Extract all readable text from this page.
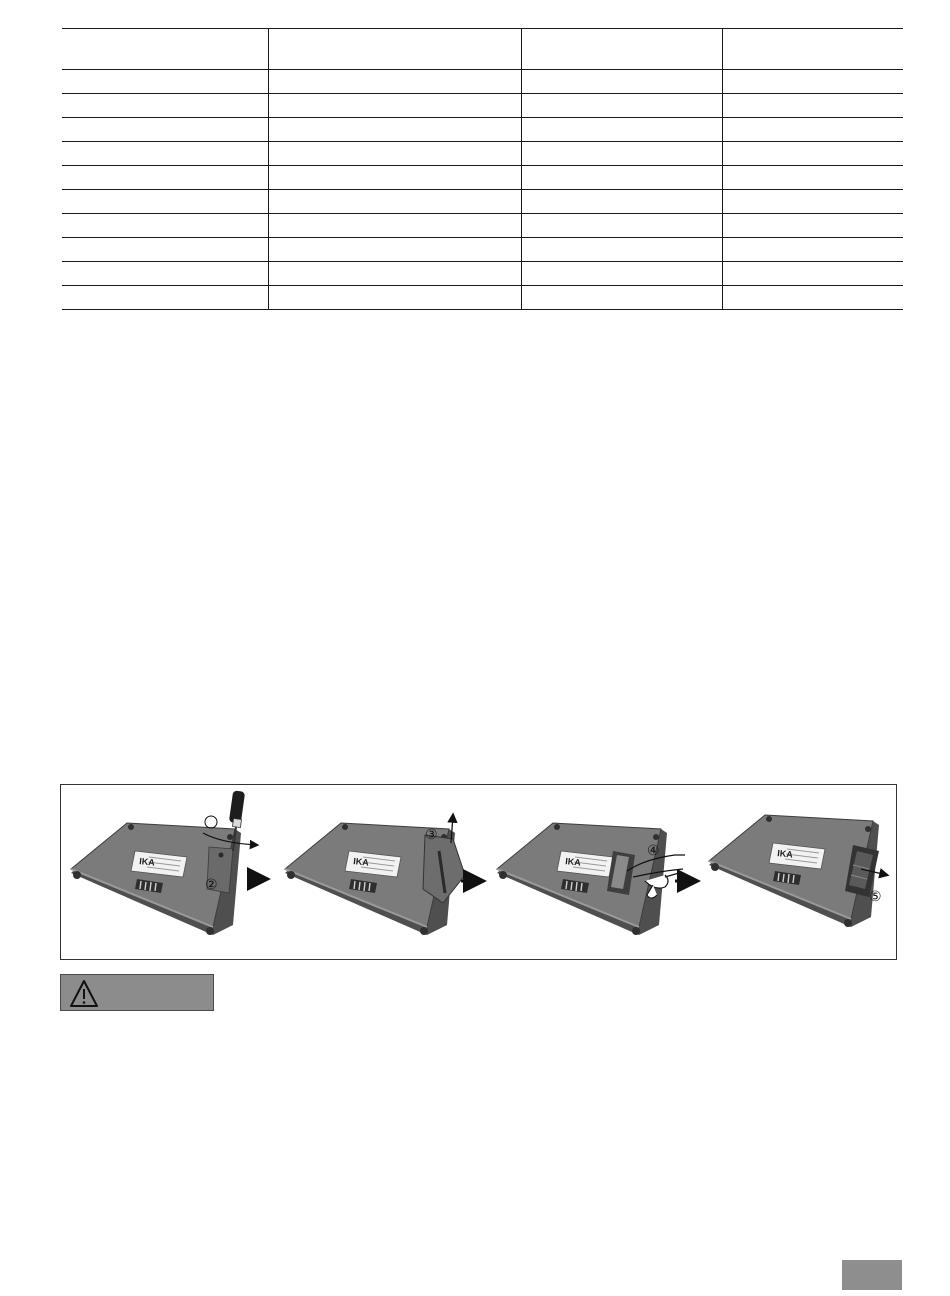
IKA
②
IKA
③
IKA
④	IKA
⑤
